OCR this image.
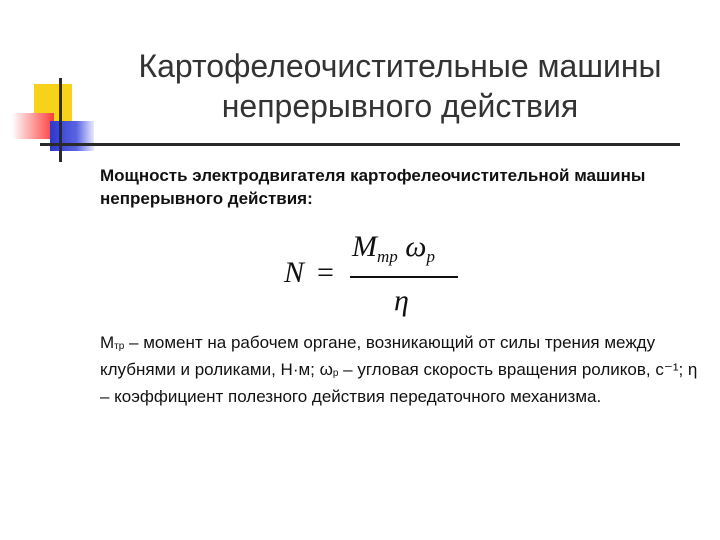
Картофелеочистительные машины непрерывного действия
Мощность электродвигателя картофелеочистительной машины непрерывного действия:
N =
$M_{тр}$ $\omega_р$
η
$М_{тр}$ – момент на рабочем органе, возникающий от силы трения между клубнями и роликами, Н·м; $\omega_р$ – угловая скорость вращения роликов, с⁻¹; η – коэффициент полезного действия передаточного механизма.
